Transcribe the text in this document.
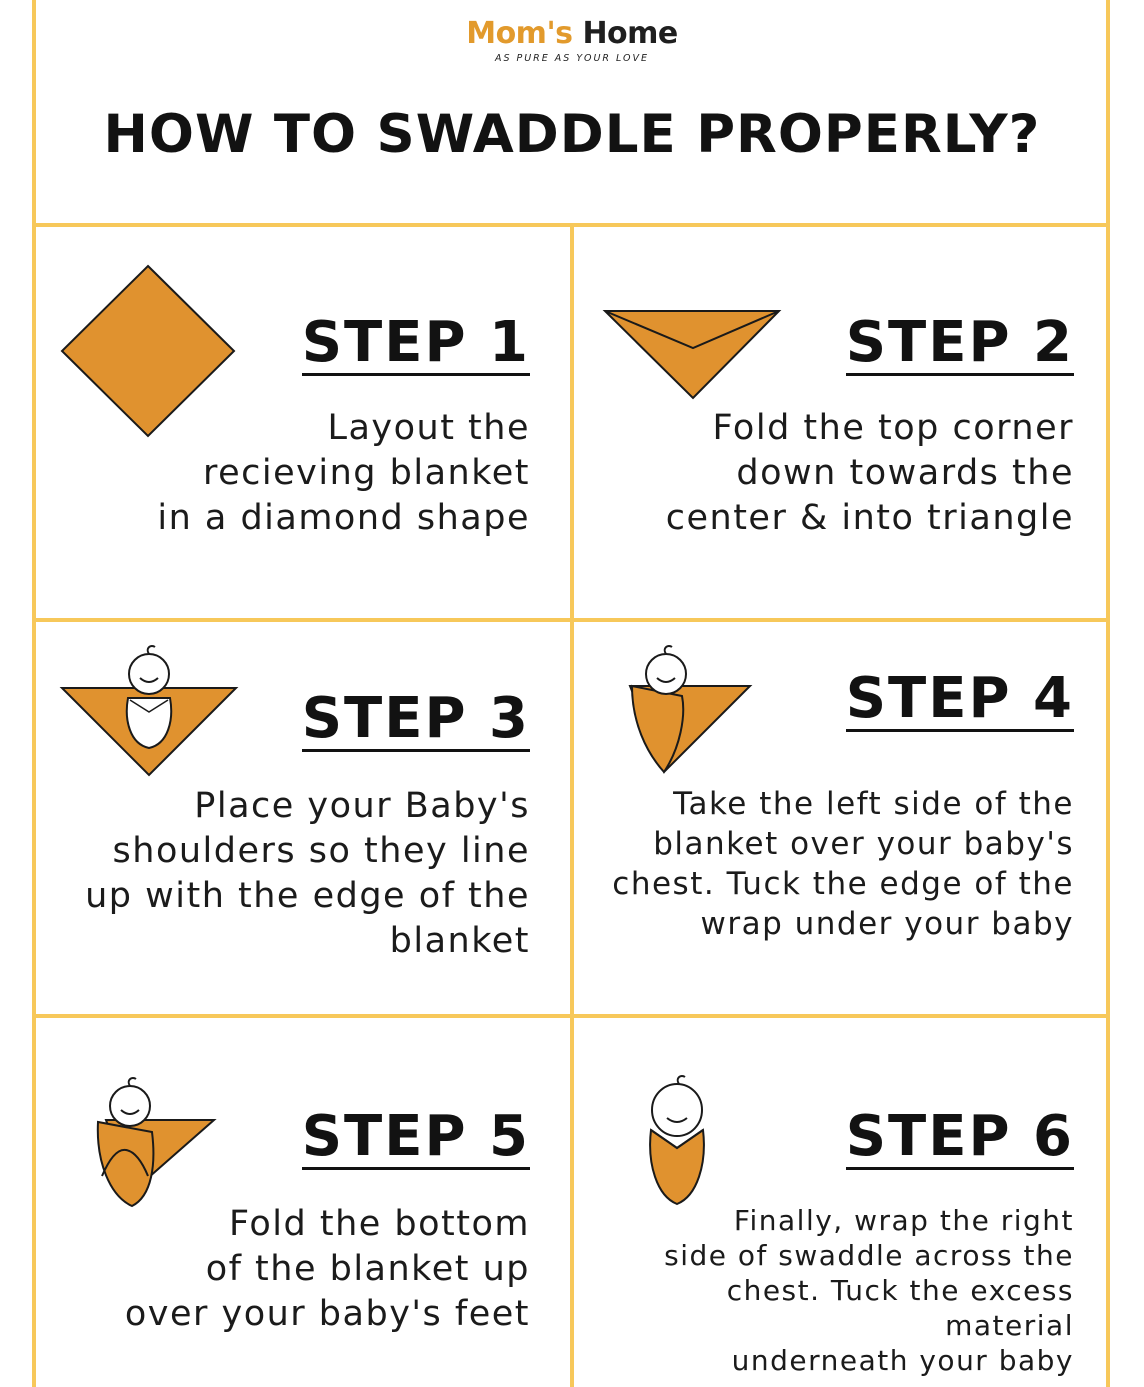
Mom's Home
AS PURE AS YOUR LOVE
HOW TO SWADDLE PROPERLY?
STEP 1
Layout the
recieving blanket
in a diamond shape
STEP 2
Fold the top corner
down towards the
center & into triangle
STEP 3
Place your Baby's
shoulders so they line
up with the edge of the
blanket
STEP 4
Take the left side of the
blanket over your baby's
chest. Tuck the edge of the
wrap under your baby
STEP 5
Fold the bottom
of the blanket up
over your baby's feet
STEP 6
Finally, wrap the right
side of swaddle across the
chest. Tuck the excess material
underneath your baby
